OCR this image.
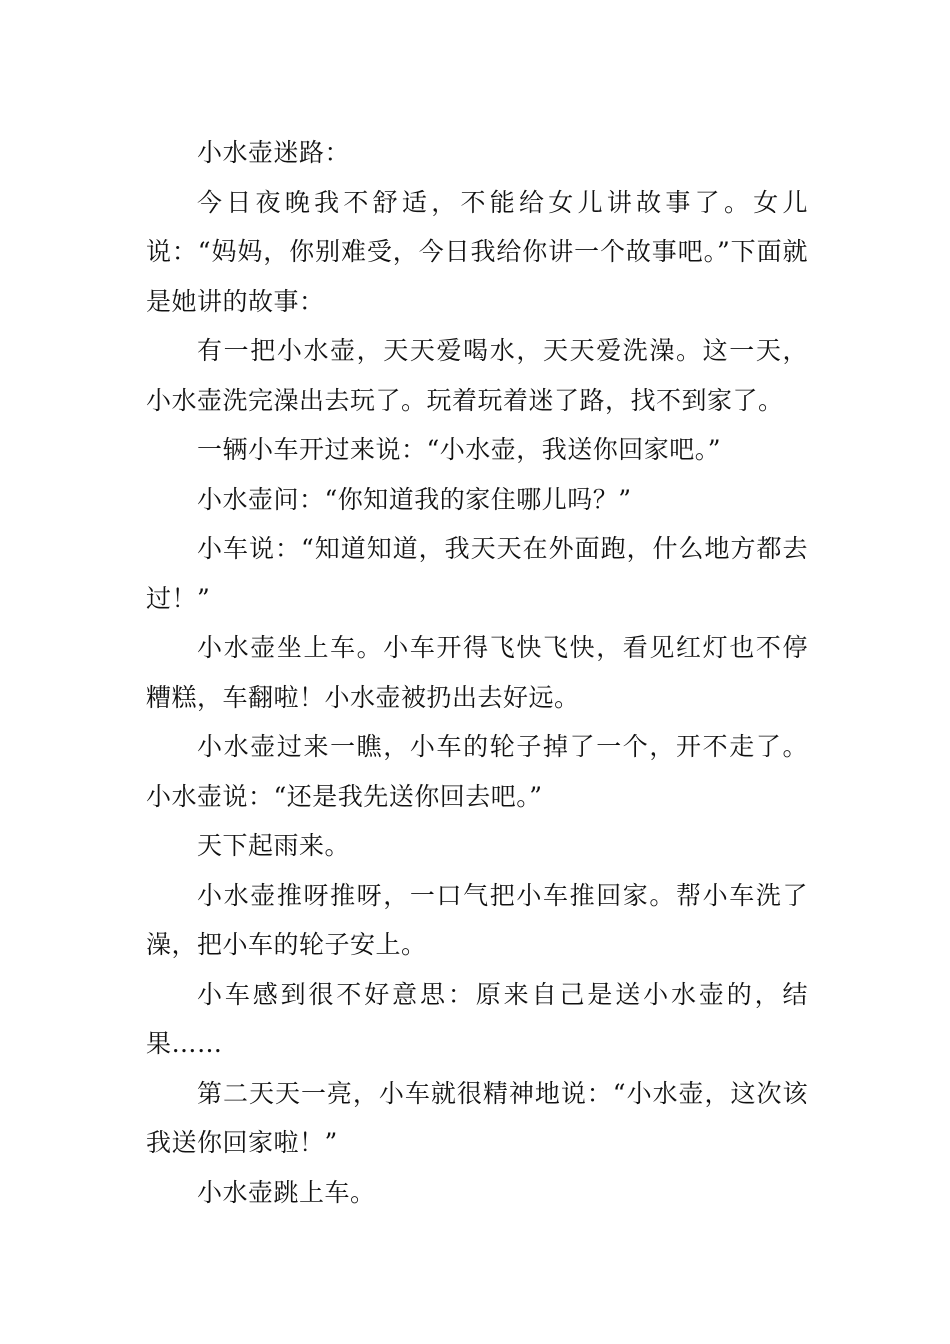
小水壶迷路：

今日夜晚我不舒适，不能给女儿讲故事了。女儿说：“妈妈，你别难受，今日我给你讲一个故事吧。”下面就是她讲的故事：

有一把小水壶，天天爱喝水，天天爱洗澡。这一天，小水壶洗完澡出去玩了。玩着玩着迷了路，找不到家了。

一辆小车开过来说：“小水壶，我送你回家吧。”

小水壶问：“你知道我的家住哪儿吗？”

小车说：“知道知道，我天天在外面跑，什么地方都去过！”

小水壶坐上车。小车开得飞快飞快，看见红灯也不停糟糕，车翻啦！小水壶被扔出去好远。

小水壶过来一瞧，小车的轮子掉了一个，开不走了。小水壶说：“还是我先送你回去吧。”

天下起雨来。

小水壶推呀推呀，一口气把小车推回家。帮小车洗了澡，把小车的轮子安上。

小车感到很不好意思：原来自己是送小水壶的，结果……

第二天天一亮，小车就很精神地说：“小水壶，这次该我送你回家啦！”

小水壶跳上车。
